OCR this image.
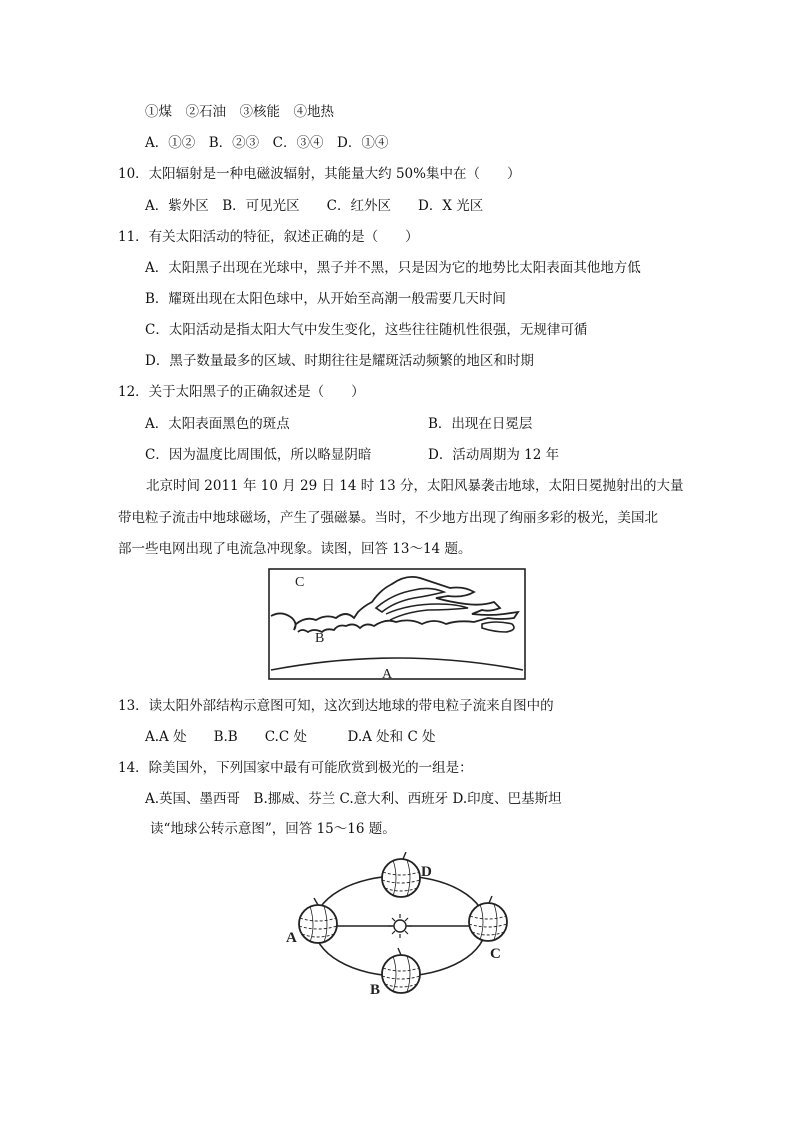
①煤　②石油　③核能　④地热
A．①②　B．②③　C．③④　D．①④
10．太阳辐射是一种电磁波辐射，其能量大约 50%集中在（　　）
A．紫外区　B．可见光区　　C．红外区　　D．X 光区
11．有关太阳活动的特征，叙述正确的是（　　）
A．太阳黑子出现在光球中，黑子并不黑，只是因为它的地势比太阳表面其他地方低
B．耀斑出现在太阳色球中，从开始至高潮一般需要几天时间
C．太阳活动是指太阳大气中发生变化，这些往往随机性很强，无规律可循
D．黑子数量最多的区域、时期往往是耀斑活动频繁的地区和时期
12．关于太阳黑子的正确叙述是（　　）
A．太阳表面黑色的斑点	B．出现在日冕层
C．因为温度比周围低，所以略显阴暗	D．活动周期为 12 年
北京时间 2011 年 10 月 29 日 14 时 13 分，太阳风暴袭击地球，太阳日冕抛射出的大量
带电粒子流击中地球磁场，产生了强磁暴。当时，不少地方出现了绚丽多彩的极光，美国北
部一些电网出现了电流急冲现象。读图，回答 13～14 题。
C
B
A
13．读太阳外部结构示意图可知，这次到达地球的带电粒子流来自图中的
A.A 处　　B.B　　C.C 处　　　D.A 处和 C 处
14．除美国外，下列国家中最有可能欣赏到极光的一组是：
A.英国、墨西哥　B.挪威、芬兰 C.意大利、西班牙 D.印度、巴基斯坦
读“地球公转示意图”，回答 15～16 题。
A
B
C
D
